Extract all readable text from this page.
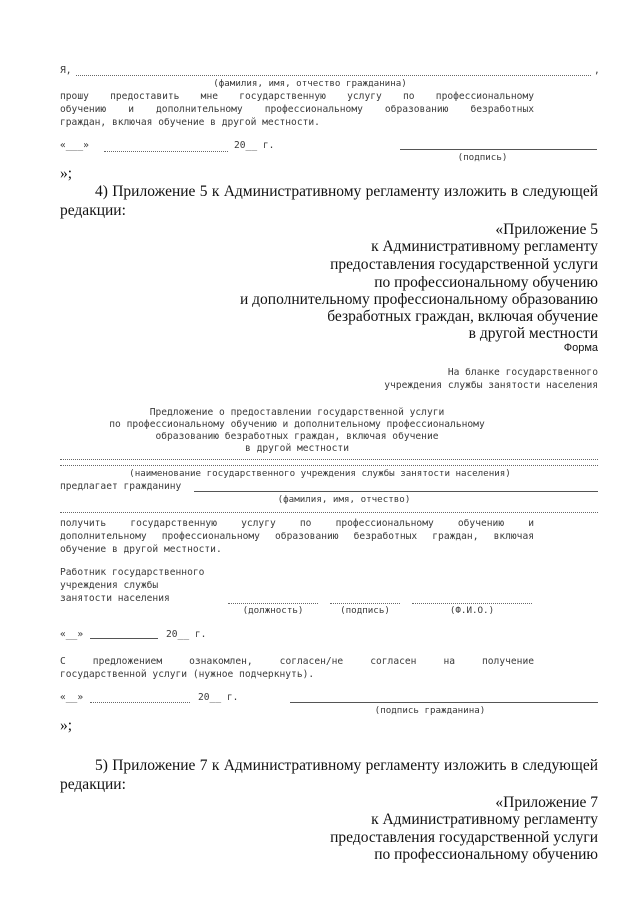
Я,	,
(фамилия, имя, отчество гражданина)
прошу предоставить мне государственную услугу по профессиональному
обучению и дополнительному профессиональному образованию безработных
граждан, включая обучение в другой местности.
«___»	20__ г.
(подпись)
»;
4) Приложение 5 к Административному регламенту изложить в следующей
редакции:
«Приложение 5
к Административному регламенту
предоставления государственной услуги
по профессиональному обучению
и дополнительному профессиональному образованию
безработных граждан, включая обучение
в другой местности
Форма
На бланке государственного
учреждения службы занятости населения
Предложение о предоставлении государственной услуги
по профессиональному обучению и дополнительному профессиональному
образованию безработных граждан, включая обучение
в другой местности
(наименование государственного учреждения службы занятости населения)
предлагает гражданину
(фамилия, имя, отчество)
получить государственную услугу по профессиональному обучению и
дополнительному профессиональному образованию безработных граждан, включая
обучение в другой местности.
Работник государственного
учреждения службы
занятости населения
(должность)	(подпись)	(Ф.И.О.)
«__»	20__ г.
С предложением ознакомлен, согласен/не согласен на получение
государственной услуги (нужное подчеркнуть).
«__»	20__ г.
(подпись гражданина)
»;
5) Приложение 7 к Административному регламенту изложить в следующей
редакции:
«Приложение 7
к Административному регламенту
предоставления государственной услуги
по профессиональному обучению
